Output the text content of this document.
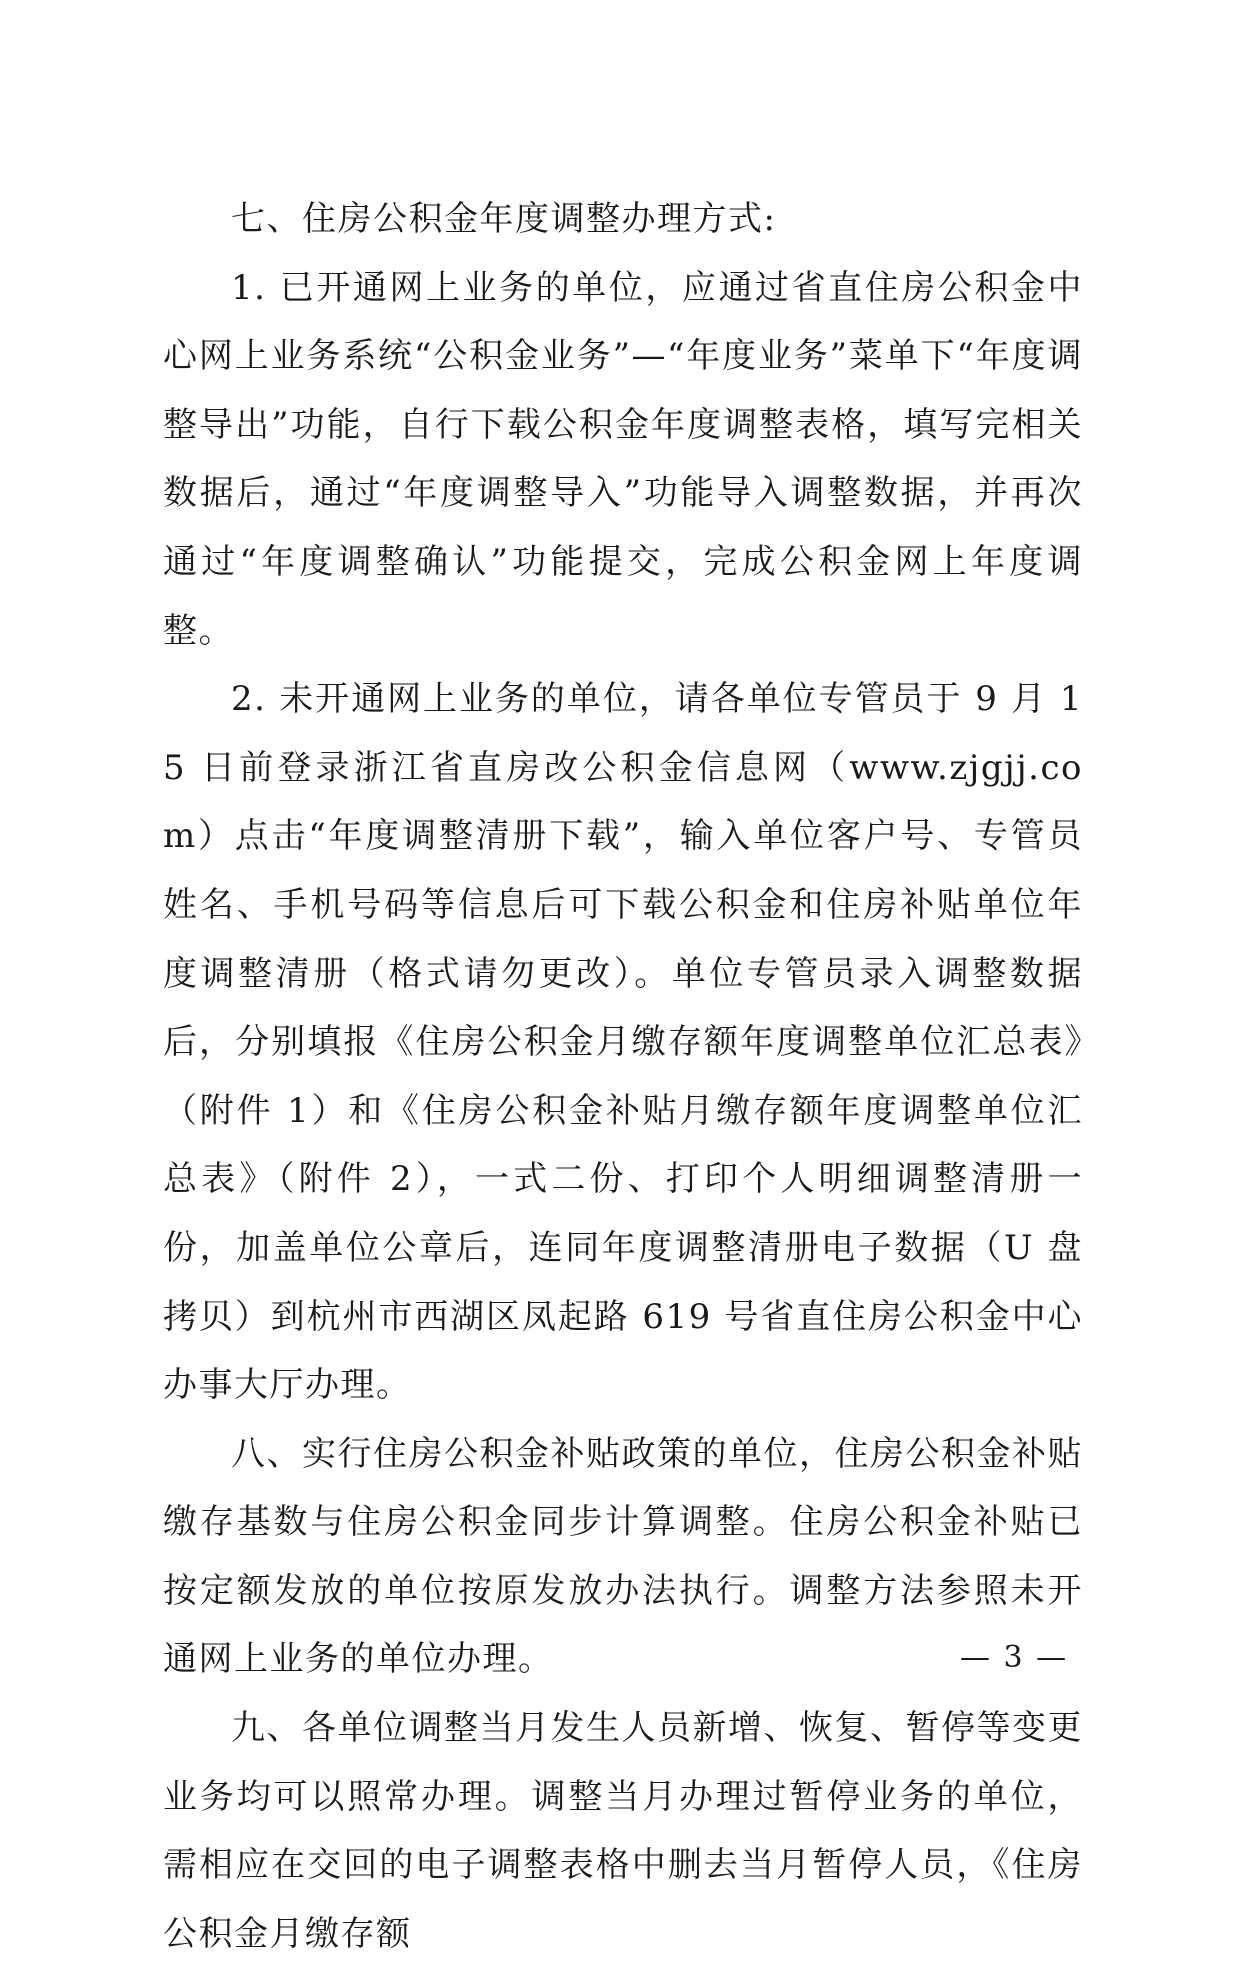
七、住房公积金年度调整办理方式:

1. 已开通网上业务的单位，应通过省直住房公积金中心网上业务系统“公积金业务”—“年度业务”菜单下“年度调整导出”功能，自行下载公积金年度调整表格，填写完相关数据后，通过“年度调整导入”功能导入调整数据，并再次通过“年度调整确认”功能提交，完成公积金网上年度调整。

2. 未开通网上业务的单位，请各单位专管员于 9 月 15 日前登录浙江省直房改公积金信息网（www.zjgjj.com）点击“年度调整清册下载”，输入单位客户号、专管员姓名、手机号码等信息后可下载公积金和住房补贴单位年度调整清册（格式请勿更改）。单位专管员录入调整数据后，分别填报《住房公积金月缴存额年度调整单位汇总表》（附件 1）和《住房公积金补贴月缴存额年度调整单位汇总表》（附件 2），一式二份、打印个人明细调整清册一份，加盖单位公章后，连同年度调整清册电子数据（U 盘拷贝）到杭州市西湖区凤起路 619 号省直住房公积金中心办事大厅办理。

八、实行住房公积金补贴政策的单位，住房公积金补贴缴存基数与住房公积金同步计算调整。住房公积金补贴已按定额发放的单位按原发放办法执行。调整方法参照未开通网上业务的单位办理。

九、各单位调整当月发生人员新增、恢复、暂停等变更业务均可以照常办理。调整当月办理过暂停业务的单位，需相应在交回的电子调整表格中删去当月暂停人员，《住房公积金月缴存额

— 3 —
